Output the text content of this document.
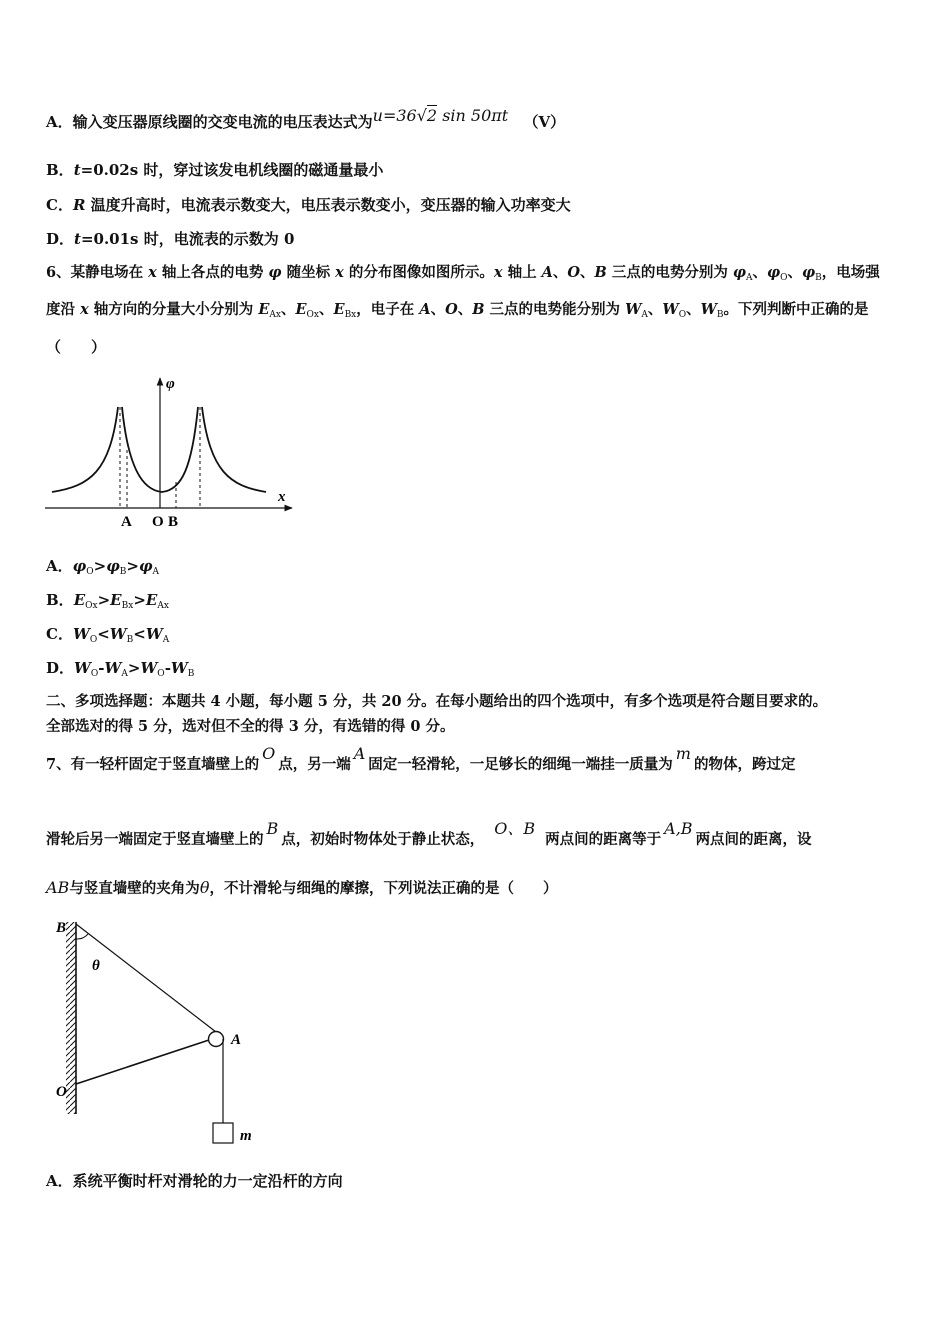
A．输入变压器原线圈的交变电流的电压表达式为u=36√2 sin 50πt （V）
B．t=0.02s 时，穿过该发电机线圈的磁通量最小
C．R 温度升高时，电流表示数变大，电压表示数变小，变压器的输入功率变大
D．t=0.01s 时，电流表的示数为 0
6、某静电场在 x 轴上各点的电势 φ 随坐标 x 的分布图像如图所示。x 轴上 A、O、B 三点的电势分别为 $\varphi_A$、$\varphi_O$、$\varphi_B$，电场强
度沿 x 轴方向的分量大小分别为 $E_{Ax}$、$E_{Ox}$、$E_{Bx}$，电子在 A、O、B 三点的电势能分别为 $W_A$、$W_O$、$W_B$。下列判断中正确的是
（　　）
φ
x
A O B
A．$\varphi_O>\varphi_B>\varphi_A$
B．$E_{Ox}>E_{Bx}>E_{Ax}$
C．$W_O<W_B<W_A$
D．$W_O-W_A>W_O-W_B$
二、多项选择题：本题共 4 小题，每小题 5 分，共 20 分。在每小题给出的四个选项中，有多个选项是符合题目要求的。
全部选对的得 5 分，选对但不全的得 3 分，有选错的得 0 分。
7、有一轻杆固定于竖直墙壁上的O点，另一端A固定一轻滑轮，一足够长的细绳一端挂一质量为m的物体，跨过定
滑轮后另一端固定于竖直墙壁上的B点，初始时物体处于静止状态，O、B两点间的距离等于A,B两点间的距离，设
AB与竖直墙壁的夹角为θ，不计滑轮与细绳的摩擦，下列说法正确的是（　　）
B
θ
A
O
m
A．系统平衡时杆对滑轮的力一定沿杆的方向
